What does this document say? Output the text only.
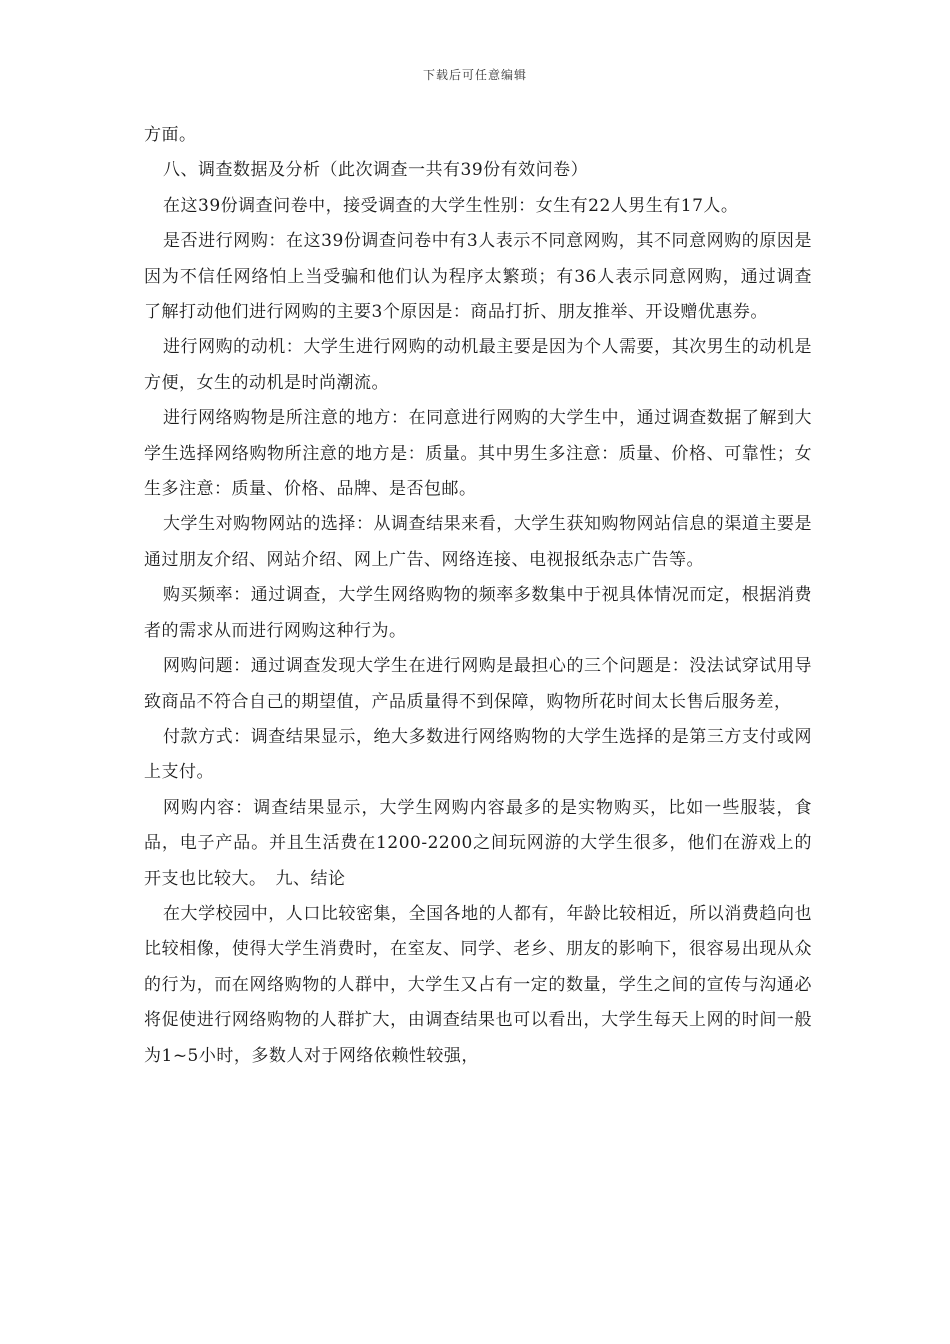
下载后可任意编辑

方面。

八、调查数据及分析（此次调查一共有39份有效问卷）

在这39份调查问卷中，接受调查的大学生性别：女生有22人男生有17人。

是否进行网购：在这39份调查问卷中有3人表示不同意网购，其不同意网购的原因是因为不信任网络怕上当受骗和他们认为程序太繁琐；有36人表示同意网购，通过调查了解打动他们进行网购的主要3个原因是：商品打折、朋友推举、开设赠优惠券。

进行网购的动机：大学生进行网购的动机最主要是因为个人需要，其次男生的动机是方便，女生的动机是时尚潮流。

进行网络购物是所注意的地方：在同意进行网购的大学生中，通过调查数据了解到大学生选择网络购物所注意的地方是：质量。其中男生多注意：质量、价格、可靠性；女生多注意：质量、价格、品牌、是否包邮。

大学生对购物网站的选择：从调查结果来看，大学生获知购物网站信息的渠道主要是通过朋友介绍、网站介绍、网上广告、网络连接、电视报纸杂志广告等。

购买频率：通过调查，大学生网络购物的频率多数集中于视具体情况而定，根据消费者的需求从而进行网购这种行为。

网购问题：通过调查发现大学生在进行网购是最担心的三个问题是：没法试穿试用导致商品不符合自己的期望值，产品质量得不到保障，购物所花时间太长售后服务差，

付款方式：调查结果显示，绝大多数进行网络购物的大学生选择的是第三方支付或网上支付。

网购内容：调查结果显示，大学生网购内容最多的是实物购买，比如一些服装，食品，电子产品。并且生活费在1200-2200之间玩网游的大学生很多，他们在游戏上的开支也比较大。　九、结论

在大学校园中，人口比较密集，全国各地的人都有，年龄比较相近，所以消费趋向也比较相像，使得大学生消费时，在室友、同学、老乡、朋友的影响下，很容易出现从众的行为，而在网络购物的人群中，大学生又占有一定的数量，学生之间的宣传与沟通必将促使进行网络购物的人群扩大，由调查结果也可以看出，大学生每天上网的时间一般为1~5小时，多数人对于网络依赖性较强，
